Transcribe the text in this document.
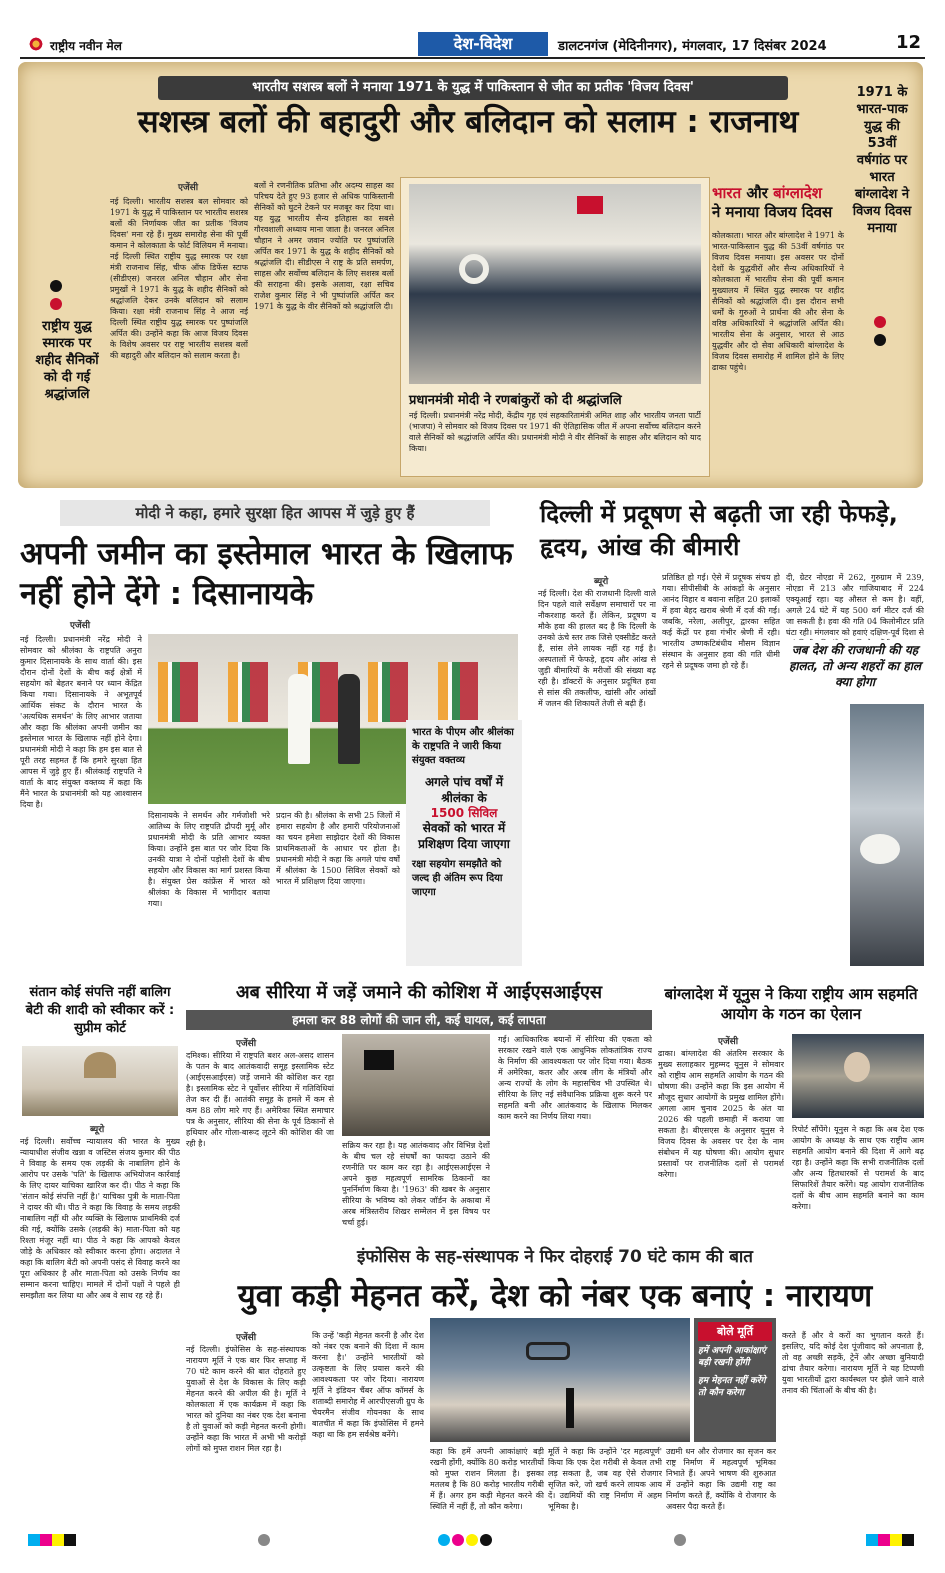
राष्ट्रीय नवीन मेल	देश-विदेश	डालटनगंज (मेदिनीनगर), मंगलवार, 17 दिसंबर 2024	12
भारतीय सशस्त्र बलों ने मनाया 1971 के युद्ध में पाकिस्तान से जीत का प्रतीक 'विजय दिवस'
सशस्त्र बलों की बहादुरी और बलिदान को सलाम : राजनाथ
राष्ट्रीय युद्ध स्मारक पर शहीद सैनिकों को दी गई श्रद्धांजलि
एजेंसी
नई दिल्ली। भारतीय सशस्त्र बल सोमवार को 1971 के युद्ध में पाकिस्तान पर भारतीय सशस्त्र बलों की निर्णायक जीत का प्रतीक 'विजय दिवस' मना रहे हैं। मुख्य समारोह सेना की पूर्वी कमान ने कोलकाता के फोर्ट विलियम में मनाया। नई दिल्ली स्थित राष्ट्रीय युद्ध स्मारक पर रक्षा मंत्री राजनाथ सिंह, चीफ ऑफ डिफेंस स्टाफ (सीडीएस) जनरल अनिल चौहान और सेना प्रमुखों ने 1971 के युद्ध के शहीद सैनिकों को श्रद्धांजलि देकर उनके बलिदान को सलाम किया। रक्षा मंत्री राजनाथ सिंह ने आज नई दिल्ली स्थित राष्ट्रीय युद्ध स्मारक पर पुष्पांजलि अर्पित की। उन्होंने कहा कि आज विजय दिवस के विशेष अवसर पर राष्ट्र भारतीय सशस्त्र बलों की बहादुरी और बलिदान को सलाम करता है।
बलों ने रणनीतिक प्रतिभा और अदम्य साहस का परिचय देते हुए 93 हजार से अधिक पाकिस्तानी सैनिकों को घुटने टेकने पर मजबूर कर दिया था। यह युद्ध भारतीय सैन्य इतिहास का सबसे गौरवशाली अध्याय माना जाता है। जनरल अनिल चौहान ने अमर जवान ज्योति पर पुष्पांजलि अर्पित कर 1971 के युद्ध के शहीद सैनिकों को श्रद्धांजलि दी। सीडीएस ने राष्ट्र के प्रति समर्पण, साहस और सर्वोच्च बलिदान के लिए सशस्त्र बलों की सराहना की। इसके अलावा, रक्षा सचिव राजेश कुमार सिंह ने भी पुष्पांजलि अर्पित कर 1971 के युद्ध के वीर सैनिकों को श्रद्धांजलि दी।
प्रधानमंत्री मोदी ने रणबांकुरों को दी श्रद्धांजलि
नई दिल्ली। प्रधानमंत्री नरेंद्र मोदी, केंद्रीय गृह एवं सहकारितामंत्री अमित शाह और भारतीय जनता पार्टी (भाजपा) ने सोमवार को विजय दिवस पर 1971 की ऐतिहासिक जीत में अपना सर्वोच्च बलिदान करने वाले सैनिकों को श्रद्धांजलि अर्पित की। प्रधानमंत्री मोदी ने वीर सैनिकों के साहस और बलिदान को याद किया।
भारत और बांग्लादेश
ने मनाया विजय दिवस
कोलकाता। भारत और बांग्लादेश ने 1971 के भारत-पाकिस्तान युद्ध की 53वीं वर्षगांठ पर विजय दिवस मनाया। इस अवसर पर दोनों देशों के युद्धवीरों और सैन्य अधिकारियों ने कोलकाता में भारतीय सेना की पूर्वी कमान मुख्यालय में स्थित युद्ध स्मारक पर शहीद सैनिकों को श्रद्धांजलि दी। इस दौरान सभी धर्मों के गुरुओं ने प्रार्थना की और सेना के वरिष्ठ अधिकारियों ने श्रद्धांजलि अर्पित की। भारतीय सेना के अनुसार, भारत से आठ युद्धवीर और दो सेवा अधिकारी बांग्लादेश के विजय दिवस समारोह में शामिल होने के लिए ढाका पहुंचे।
1971 के भारत-पाक युद्ध की 53वीं वर्षगांठ पर भारत बांग्लादेश ने विजय दिवस मनाया
मोदी ने कहा, हमारे सुरक्षा हित आपस में जुड़े हुए हैं
अपनी जमीन का इस्तेमाल भारत के खिलाफ नहीं होने देंगे : दिसानायके
एजेंसी
नई दिल्ली। प्रधानमंत्री नरेंद्र मोदी ने सोमवार को श्रीलंका के राष्ट्रपति अनुरा कुमार दिसानायके के साथ वार्ता की। इस दौरान दोनों देशों के बीच कई क्षेत्रों में सहयोग को बेहतर बनाने पर ध्यान केंद्रित किया गया। दिसानायके ने अभूतपूर्व आर्थिक संकट के दौरान भारत के 'अत्यधिक समर्थन' के लिए आभार जताया और कहा कि श्रीलंका अपनी जमीन का इस्तेमाल भारत के खिलाफ नहीं होने देगा। प्रधानमंत्री मोदी ने कहा कि हम इस बात से पूरी तरह सहमत हैं कि हमारे सुरक्षा हित आपस में जुड़े हुए हैं। श्रीलंकाई राष्ट्रपति ने वार्ता के बाद संयुक्त वक्तव्य में कहा कि मैंने भारत के प्रधानमंत्री को यह आश्वासन दिया है।
दिसानायके ने समर्थन और गर्मजोशी भरे आतिथ्य के लिए राष्ट्रपति द्रौपदी मुर्मू और प्रधानमंत्री मोदी के प्रति आभार व्यक्त किया। उन्होंने इस बात पर जोर दिया कि उनकी यात्रा ने दोनों पड़ोसी देशों के बीच सहयोग और विकास का मार्ग प्रशस्त किया है। संयुक्त प्रेस कांफ्रेंस में भारत को श्रीलंका के विकास में भागीदार बताया गया।
प्रदान की है। श्रीलंका के सभी 25 जिलों में हमारा सहयोग है और हमारी परियोजनाओं का चयन हमेशा साझेदार देशों की विकास प्राथमिकताओं के आधार पर होता है। प्रधानमंत्री मोदी ने कहा कि अगले पांच वर्षों में श्रीलंका के 1500 सिविल सेवकों को भारत में प्रशिक्षण दिया जाएगा।
भारत के पीएम और श्रीलंका के राष्ट्रपति ने जारी किया संयुक्त वक्तव्य
अगले पांच वर्षों में श्रीलंका के
1500 सिविल
सेवकों को भारत में प्रशिक्षण दिया जाएगा
रक्षा सहयोग समझौते को जल्द ही अंतिम रूप दिया जाएगा
दिल्ली में प्रदूषण से बढ़ती जा रही फेफड़े, हृदय, आंख की बीमारी
ब्यूरो
नई दिल्ली। देश की राजधानी दिल्ली वाले दिन पहले वाले सर्वेक्षण समाचारों पर ना नौकरशाह करते हैं। लेकिन, प्रदूषण य मौके हवा की हालत बद है कि दिल्ली के उनको ऊंचे स्तर तक जिसे एक्सीडेंट करते हैं, सांस लेने लायक नहीं रह गई है। अस्पतालों में फेफड़े, हृदय और आंख से जुड़ी बीमारियों के मरीजों की संख्या बढ़ रही है। डॉक्टरों के अनुसार प्रदूषित हवा से सांस की तकलीफ, खांसी और आंखों में जलन की शिकायतें तेजी से बढ़ी हैं।
प्रतिष्ठित हो गई। ऐसे में प्रदूषक संचय हो गया। सीपीसीबी के आंकड़ों के अनुसार आनंद विहार व बवाना सहित 20 इलाकों में हवा बेहद खराब श्रेणी में दर्ज की गई। जबकि, नरेला, अलीपुर, द्वारका सहित कई केंद्रों पर हवा गंभीर श्रेणी में रही। भारतीय उष्णकटिबंधीय मौसम विज्ञान संस्थान के अनुसार हवा की गति धीमी रहने से प्रदूषक जमा हो रहे हैं।
दी, ग्रेटर नोएडा में 262, गुरुग्राम में 239, नोएडा में 213 और गाजियाबाद में 224 एक्यूआई रहा। यह औसत से कम है। वहीं, अगले 24 घंटे में यह 500 वर्ग मीटर दर्ज की जा सकती है। हवा की गति 04 किलोमीटर प्रति घंटा रही। मंगलवार को हवाएं दक्षिण-पूर्व दिशा से
जब देश की राजधानी की यह हालत, तो अन्य शहरों का हाल क्या होगा
संतान कोई संपत्ति नहीं बालिग बेटी की शादी को स्वीकार करें : सुप्रीम कोर्ट
ब्यूरो
नई दिल्ली। सर्वोच्च न्यायालय की भारत के मुख्य न्यायाधीश संजीव खन्ना व जस्टिस संजय कुमार की पीठ ने विवाह के समय एक लड़की के नाबालिग होने के आरोप पर उसके 'पति' के खिलाफ अभियोजन कार्रवाई के लिए दायर याचिका खारिज कर दी। पीठ ने कहा कि 'संतान कोई संपत्ति नहीं है।' याचिका पुत्री के माता-पिता ने दायर की थी। पीठ ने कहा कि विवाह के समय लड़की नाबालिग नहीं थी और व्यक्ति के खिलाफ प्राथमिकी दर्ज की गई, क्योंकि उसके (लड़की के) माता-पिता को यह रिश्ता मंजूर नहीं था। पीठ ने कहा कि आपको केवल जोड़े के अधिकार को स्वीकार करना होगा। अदालत ने कहा कि बालिग बेटी को अपनी पसंद से विवाह करने का पूरा अधिकार है और माता-पिता को उसके निर्णय का सम्मान करना चाहिए। मामले में दोनों पक्षों ने पहले ही समझौता कर लिया था और अब वे साथ रह रहे हैं।
अब सीरिया में जड़ें जमाने की कोशिश में आईएसआईएस
हमला कर 88 लोगों की जान ली, कई घायल, कई लापता
एजेंसी
दमिश्क। सीरिया में राष्ट्रपति बशर अल-असद शासन के पतन के बाद आतंकवादी समूह इस्लामिक स्टेट (आईएसआईएस) जड़ें जमाने की कोशिश कर रहा है। इस्लामिक स्टेट ने पूर्वोत्तर सीरिया में गतिविधियां तेज कर दी हैं। आतंकी समूह के हमले में कम से कम 88 लोग मारे गए हैं। अमेरिका स्थित समाचार पत्र के अनुसार, सीरिया की सेना के पूर्व ठिकानों से हथियार और गोला-बारूद लूटने की कोशिश की जा रही है।	सक्रिय कर रहा है। यह आतंकवाद और विभिन्न देशों के बीच चल रहे संघर्षों का फायदा उठाने की रणनीति पर काम कर रहा है। आईएसआईएस ने अपने कुछ महत्वपूर्ण सामरिक ठिकानों का पुनर्निर्माण किया है। '1963' की खबर के अनुसार सीरिया के भविष्य को लेकर जॉर्डन के अकाबा में अरब मंत्रिस्तरीय शिखर सम्मेलन में इस विषय पर चर्चा हुई।
गई। आधिकारिक बयानों में सीरिया की एकता को सरकार रखने वाले एक आधुनिक लोकतांत्रिक राज्य के निर्माण की आवश्यकता पर जोर दिया गया। बैठक में अमेरिका, कतर और अरब लीग के मंत्रियों और अन्य राज्यों के लोग के महासचिव भी उपस्थित थे। सीरिया के लिए नई संवैधानिक प्रक्रिया शुरू करने पर सहमति बनी और आतंकवाद के खिलाफ मिलकर काम करने का निर्णय लिया गया।
बांग्लादेश में यूनुस ने किया राष्ट्रीय आम सहमति आयोग के गठन का ऐलान
एजेंसी
ढाका। बांग्लादेश की अंतरिम सरकार के मुख्य सलाहकार मुहम्मद यूनुस ने सोमवार को राष्ट्रीय आम सहमति आयोग के गठन की घोषणा की। उन्होंने कहा कि इस आयोग में मौजूद सुधार आयोगों के प्रमुख शामिल होंगे। अगला आम चुनाव 2025 के अंत या 2026 की पहली छमाही में कराया जा सकता है। बीएसएस के अनुसार यूनुस ने विजय दिवस के अवसर पर देश के नाम संबोधन में यह घोषणा की। आयोग सुधार प्रस्तावों पर राजनीतिक दलों से परामर्श करेगा।
रिपोर्ट सौंपेंगे। यूनुस ने कहा कि अब देश एक आयोग के अध्यक्ष के साथ एक राष्ट्रीय आम सहमति आयोग बनाने की दिशा में आगे बढ़ रहा है। उन्होंने कहा कि सभी राजनीतिक दलों और अन्य हितधारकों से परामर्श के बाद सिफारिशें तैयार करेंगे। यह आयोग राजनीतिक दलों के बीच आम सहमति बनाने का काम करेगा।
इंफोसिस के सह-संस्थापक ने फिर दोहराई 70 घंटे काम की बात
युवा कड़ी मेहनत करें, देश को नंबर एक बनाएं : नारायण
एजेंसी
नई दिल्ली। इंफोसिस के सह-संस्थापक नारायण मूर्ति ने एक बार फिर सप्ताह में 70 घंटे काम करने की बात दोहराते हुए युवाओं से देश के विकास के लिए कड़ी मेहनत करने की अपील की है। मूर्ति ने कोलकाता में एक कार्यक्रम में कहा कि भारत को दुनिया का नंबर एक देश बनाना है तो युवाओं को कड़ी मेहनत करनी होगी। उन्होंने कहा कि भारत में अभी भी करोड़ों लोगों को मुफ्त राशन मिल रहा है।
कि उन्हें 'कड़ी मेहनत करनी है और देश को नंबर एक बनाने की दिशा में काम करना है।' उन्होंने भारतीयों को उत्कृष्टता के लिए प्रयास करने की आवश्यकता पर जोर दिया। नारायण मूर्ति ने इंडियन चैंबर ऑफ कॉमर्स के शताब्दी समारोह में आरपीएसजी ग्रुप के चेयरमैन संजीव गोयनका के साथ बातचीत में कहा कि इंफोसिस में हमने कहा था कि हम सर्वश्रेष्ठ बनेंगे।
बोले मूर्ति
हमें अपनी आकांक्षाएं बड़ी रखनी होंगी
हम मेहनत नहीं करेंगे तो कौन करेगा
कहा कि हमें अपनी आकांक्षाएं बड़ी रखनी होंगी, क्योंकि 80 करोड़ भारतीयों को मुफ्त राशन मिलता है। इसका मतलब है कि 80 करोड़ भारतीय गरीबी में हैं। अगर हम कड़ी मेहनत करने की स्थिति में नहीं हैं, तो कौन करेगा।
मूर्ति ने कहा कि उन्होंने 'दर महत्वपूर्ण' किया कि एक देश गरीबी से केवल तभी लड़ सकता है, जब वह ऐसे रोजगार सृजित करे, जो खर्च करने लायक आय दें। उद्यमियों की राष्ट्र निर्माण में अहम भूमिका है।
उद्यमी धन और रोजगार का सृजन कर राष्ट्र निर्माण में महत्वपूर्ण भूमिका निभाते हैं। अपने भाषण की शुरुआत में उन्होंने कहा कि उद्यमी राष्ट्र का निर्माण करते हैं, क्योंकि वे रोजगार के अवसर पैदा करते हैं।
करते हैं और वे करों का भुगतान करते हैं। इसलिए, यदि कोई देश पूंजीवाद को अपनाता है, तो वह अच्छी सड़कें, ट्रेनें और अच्छा बुनियादी ढांचा तैयार करेगा। नारायण मूर्ति ने यह टिप्पणी युवा भारतीयों द्वारा कार्यस्थल पर झेले जाने वाले तनाव की चिंताओं के बीच की है।
